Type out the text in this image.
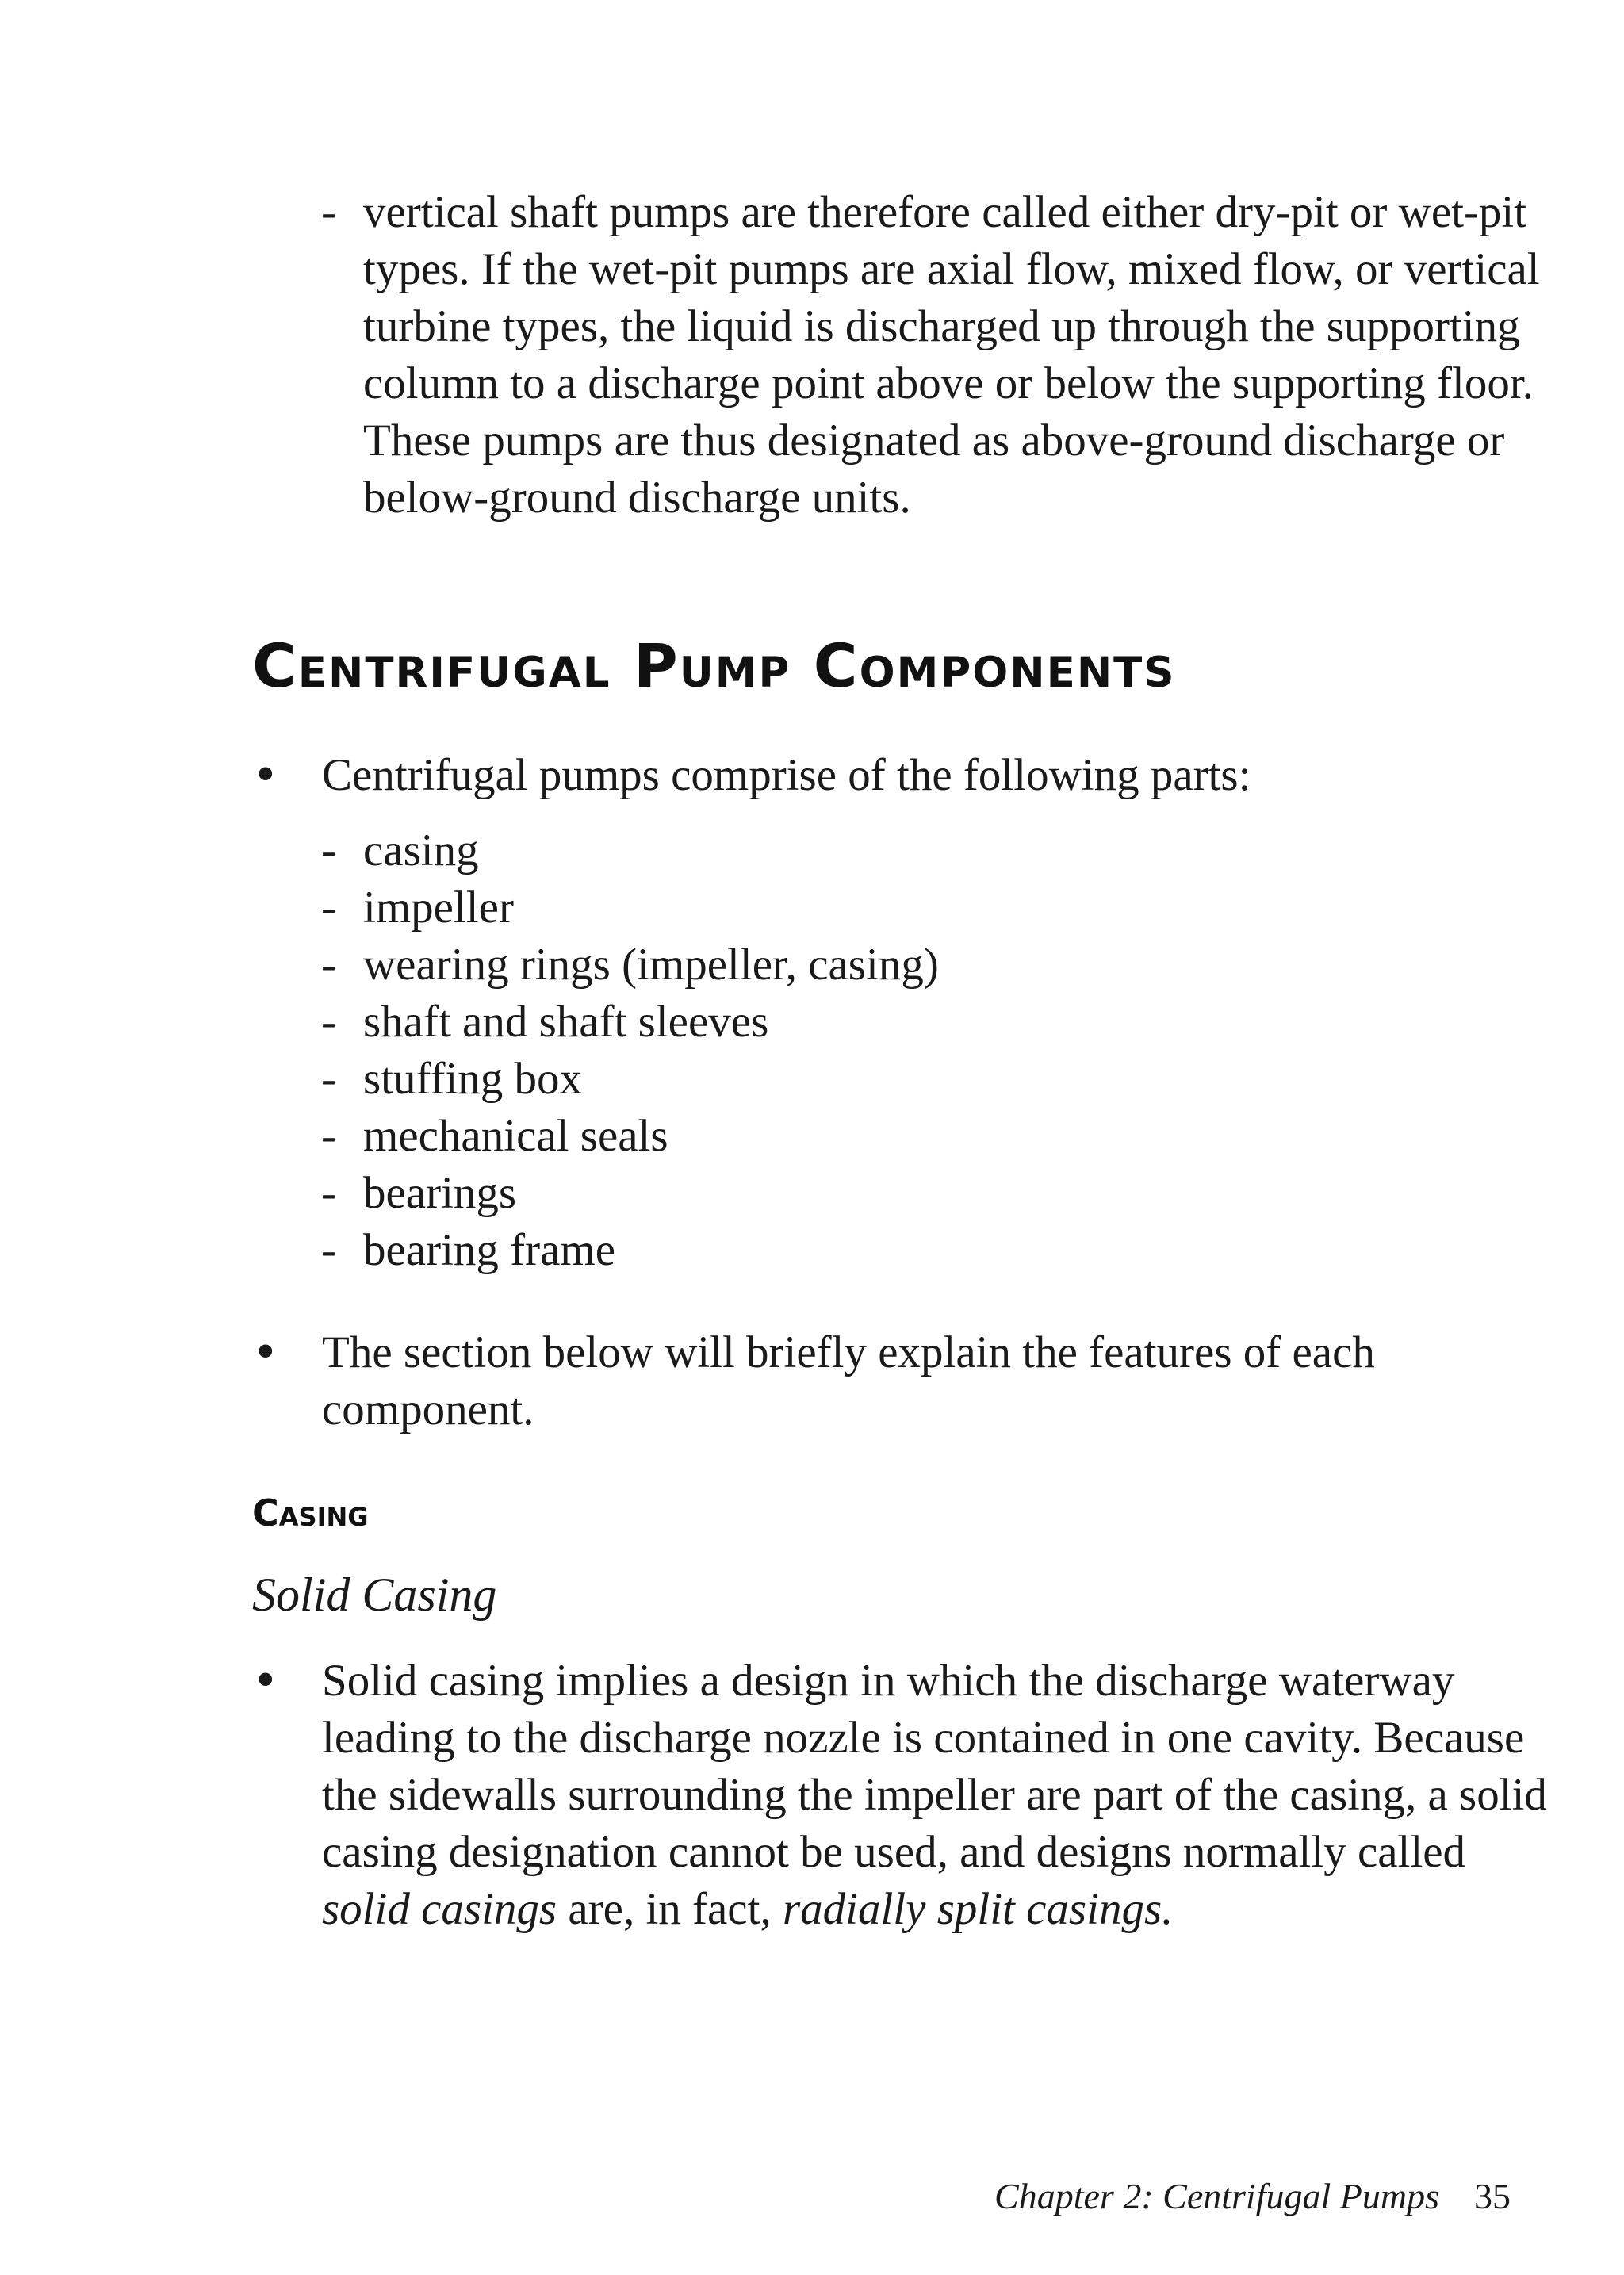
- vertical shaft pumps are therefore called either dry-pit or wet-pit types. If the wet-pit pumps are axial flow, mixed flow, or vertical turbine types, the liquid is discharged up through the supporting column to a discharge point above or below the supporting floor. These pumps are thus designated as above-ground discharge or below-ground discharge units.
Centrifugal Pump Components
• Centrifugal pumps comprise of the following parts:
- casing
- impeller
- wearing rings (impeller, casing)
- shaft and shaft sleeves
- stuffing box
- mechanical seals
- bearings
- bearing frame
• The section below will briefly explain the features of each component.
Casing
Solid Casing
• Solid casing implies a design in which the discharge waterway leading to the discharge nozzle is contained in one cavity. Because the sidewalls surrounding the impeller are part of the casing, a solid casing designation cannot be used, and designs normally called solid casings are, in fact, radially split casings.
Chapter 2: Centrifugal Pumps 35
